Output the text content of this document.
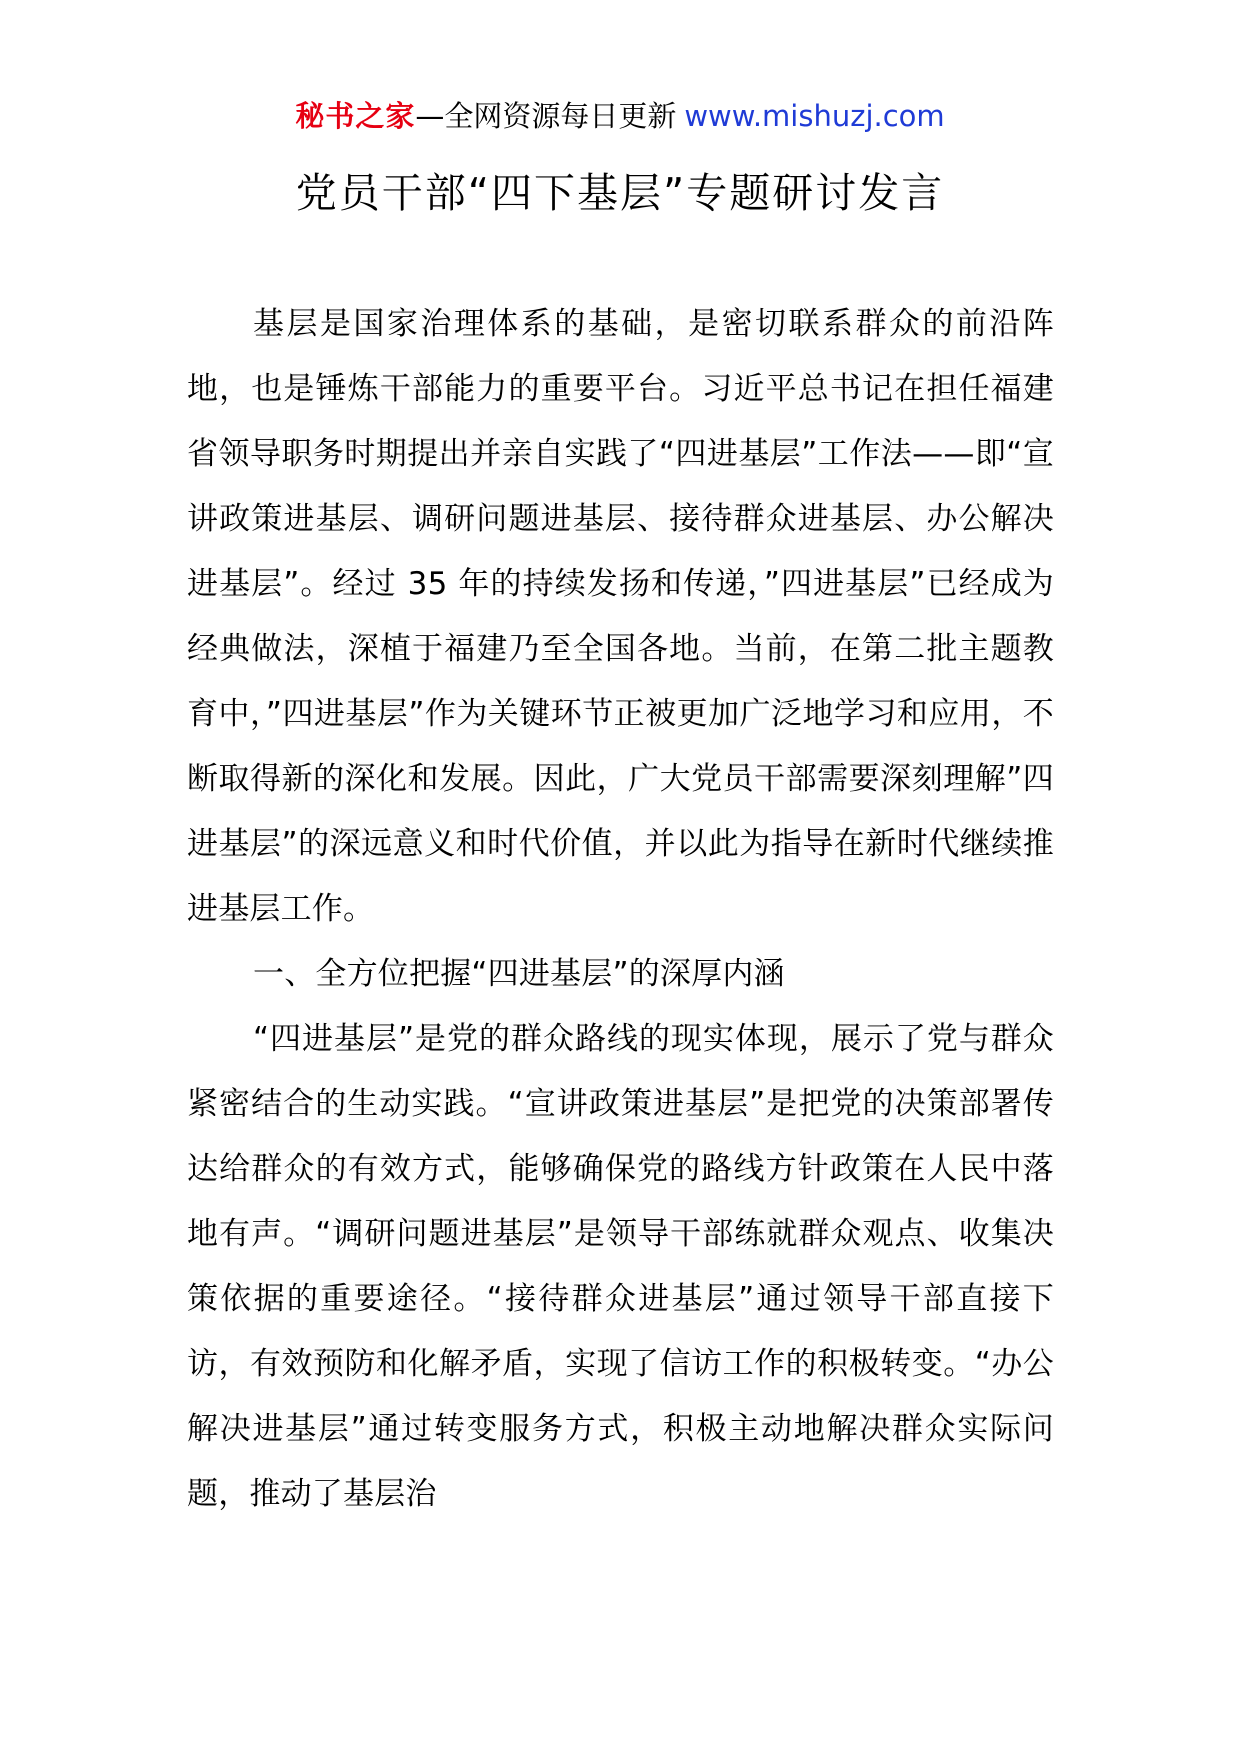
秘书之家—全网资源每日更新 www.mishuzj.com
党员干部“四下基层”专题研讨发言

基层是国家治理体系的基础，是密切联系群众的前沿阵地，也是锤炼干部能力的重要平台。习近平总书记在担任福建省领导职务时期提出并亲自实践了“四进基层”工作法——即“宣讲政策进基层、调研问题进基层、接待群众进基层、办公解决进基层”。经过 35 年的持续发扬和传递，”四进基层”已经成为经典做法，深植于福建乃至全国各地。当前，在第二批主题教育中，”四进基层”作为关键环节正被更加广泛地学习和应用，不断取得新的深化和发展。因此，广大党员干部需要深刻理解”四进基层”的深远意义和时代价值，并以此为指导在新时代继续推进基层工作。

一、全方位把握“四进基层”的深厚内涵

“四进基层”是党的群众路线的现实体现，展示了党与群众紧密结合的生动实践。“宣讲政策进基层”是把党的决策部署传达给群众的有效方式，能够确保党的路线方针政策在人民中落地有声。“调研问题进基层”是领导干部练就群众观点、收集决策依据的重要途径。“接待群众进基层”通过领导干部直接下访，有效预防和化解矛盾，实现了信访工作的积极转变。“办公解决进基层”通过转变服务方式，积极主动地解决群众实际问题，推动了基层治
